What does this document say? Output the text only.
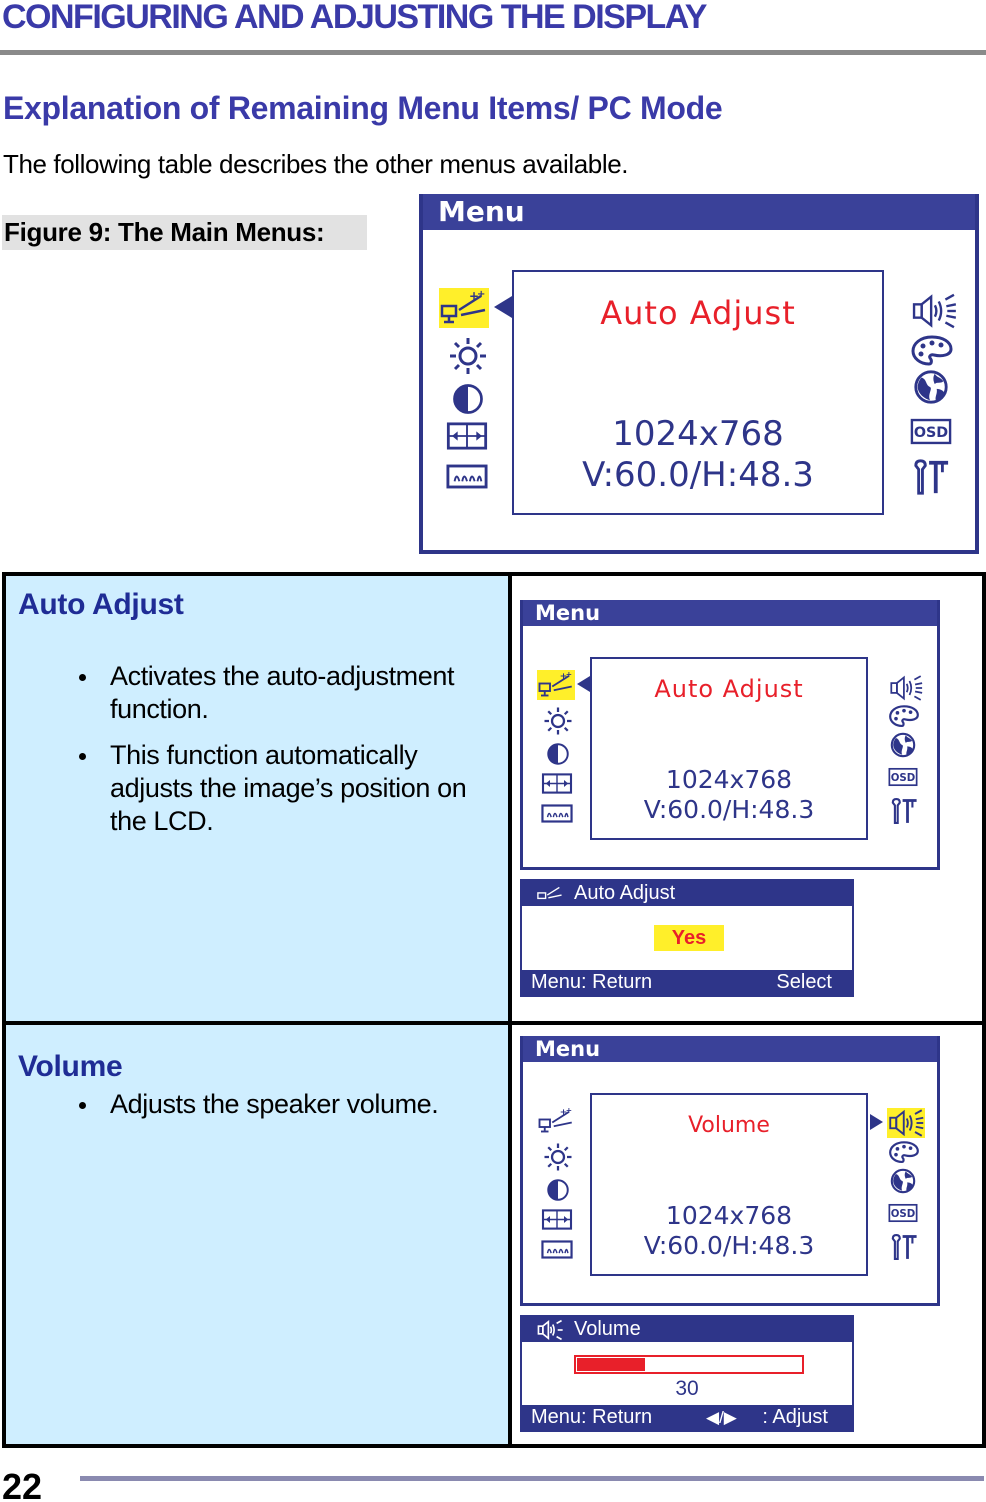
CONFIGURING AND ADJUSTING THE DISPLAY
Explanation of Remaining Menu Items/ PC Mode
The following table describes the other menus available.
Figure 9: The Main Menus:
Menu
Auto Adjust
1024x768
V:60.0/H:48.3
Auto Adjust
Activates the auto-adjustment function.
This function automatically adjusts the image’s position on the LCD.
Menu
Auto Adjust
1024x768
V:60.0/H:48.3
Auto Adjust
Yes
Menu: Return	Select
Volume
Adjusts the speaker volume.
Menu
Volume
1024x768
V:60.0/H:48.3
Volume
30
Menu: Return	◀/▶ : Adjust
22
